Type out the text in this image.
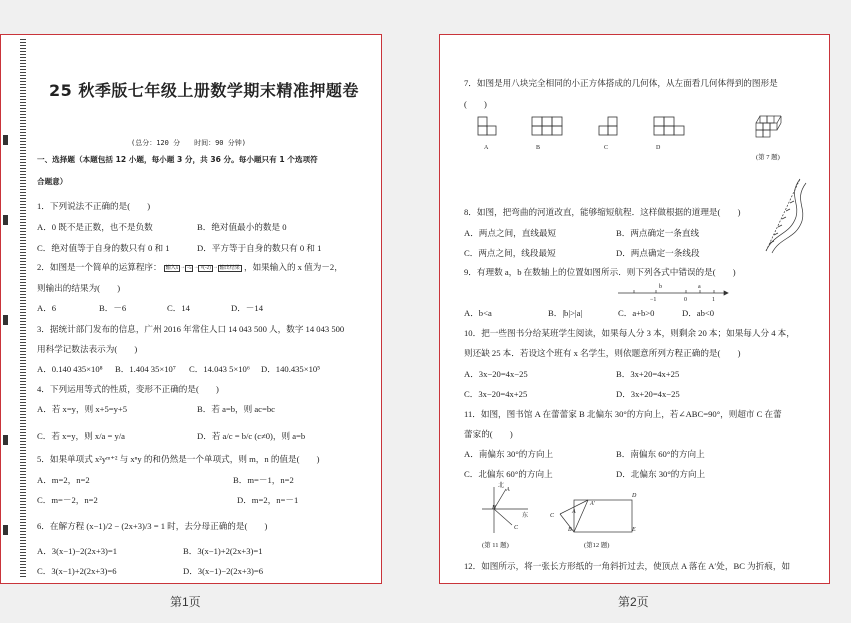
25 秋季版七年级上册数学期末精准押题卷
(总分：120 分　　时间：90 分钟)
一、选择题（本题包括 12 小题，每小题 3 分，共 36 分。每小题只有 1 个选项符
合题意）
1．下列说法不正确的是(　　)
A．0 既不是正数，也不是负数	B．绝对值最小的数是 0
C．绝对值等于自身的数只有 0 和 1	D．平方等于自身的数只有 0 和 1
2．如图是一个简单的运算程序： 输入x → -5 → ×(-2) → 输出结果 ，如果输入的 x 值为－2，
则输出的结果为(　　)
A．6	B．－6	C．14	D．－14
3．据统计部门发布的信息，广州 2016 年常住人口 14 043 500 人，数字 14 043 500
用科学记数法表示为(　　)
A．0.140 435×10⁸ B．1.404 35×10⁷ C．14.043 5×10⁶ D．140.435×10⁵
4．下列运用等式的性质，变形不正确的是(　　)
A．若 x=y，则 x+5=y+5	B．若 a=b，则 ac=bc
C．若 x=y，则 x/a = y/a	D．若 a/c = b/c (c≠0)，则 a=b
5．如果单项式 x²yᵐ⁺² 与 xⁿy 的和仍然是一个单项式，则 m，n 的值是(　　)
A．m=2，n=2	B．m=－1，n=2
C．m=－2，n=2	D．m=2，n=－1
6．在解方程 (x−1)/2 − (2x+3)/3 = 1 时，去分母正确的是(　　)
A．3(x−1)−2(2x+3)=1	B．3(x−1)+2(2x+3)=1
C．3(x−1)+2(2x+3)=6	D．3(x−1)−2(2x+3)=6
第1页
7．如图是用八块完全相同的小正方体搭成的几何体，从左面看几何体得到的图形是
(　　)
A	B	C	D
(第 7 题)
8．如图，把弯曲的河道改直，能够缩短航程．这样做根据的道理是(　　)
A．两点之间，直线最短	B．两点确定一条直线
C．两点之间，线段最短	D．两点确定一条线段
9．有理数 a，b 在数轴上的位置如图所示．则下列各式中错误的是(　　)
b
−1	0
a
1
A．b<a	B．|b|>|a|	C．a+b>0	D．ab<0
10．把一些图书分给某班学生阅读，如果每人分 3 本，则剩余 20 本；如果每人分 4 本，
则还缺 25 本．若设这个班有 x 名学生，则依题意所列方程正确的是(　　)
A．3x−20=4x−25	B．3x+20=4x+25
C．3x−20=4x+25	D．3x+20=4x−25
11．如图，图书馆 A 在蕾蕾家 B 北偏东 30°的方向上，若∠ABC=90°，则超市 C 在蕾
蕾家的(　　)
A．南偏东 30°的方向上	B．南偏东 60°的方向上
C．北偏东 60°的方向上	D．北偏东 30°的方向上
北
A
东
B
C
(第 11 题)
A′
C
A
B
D
E
(第12 题)
12．如图所示，将一张长方形纸的一角斜折过去，使顶点 A 落在 A′处，BC 为折痕，如
第2页
